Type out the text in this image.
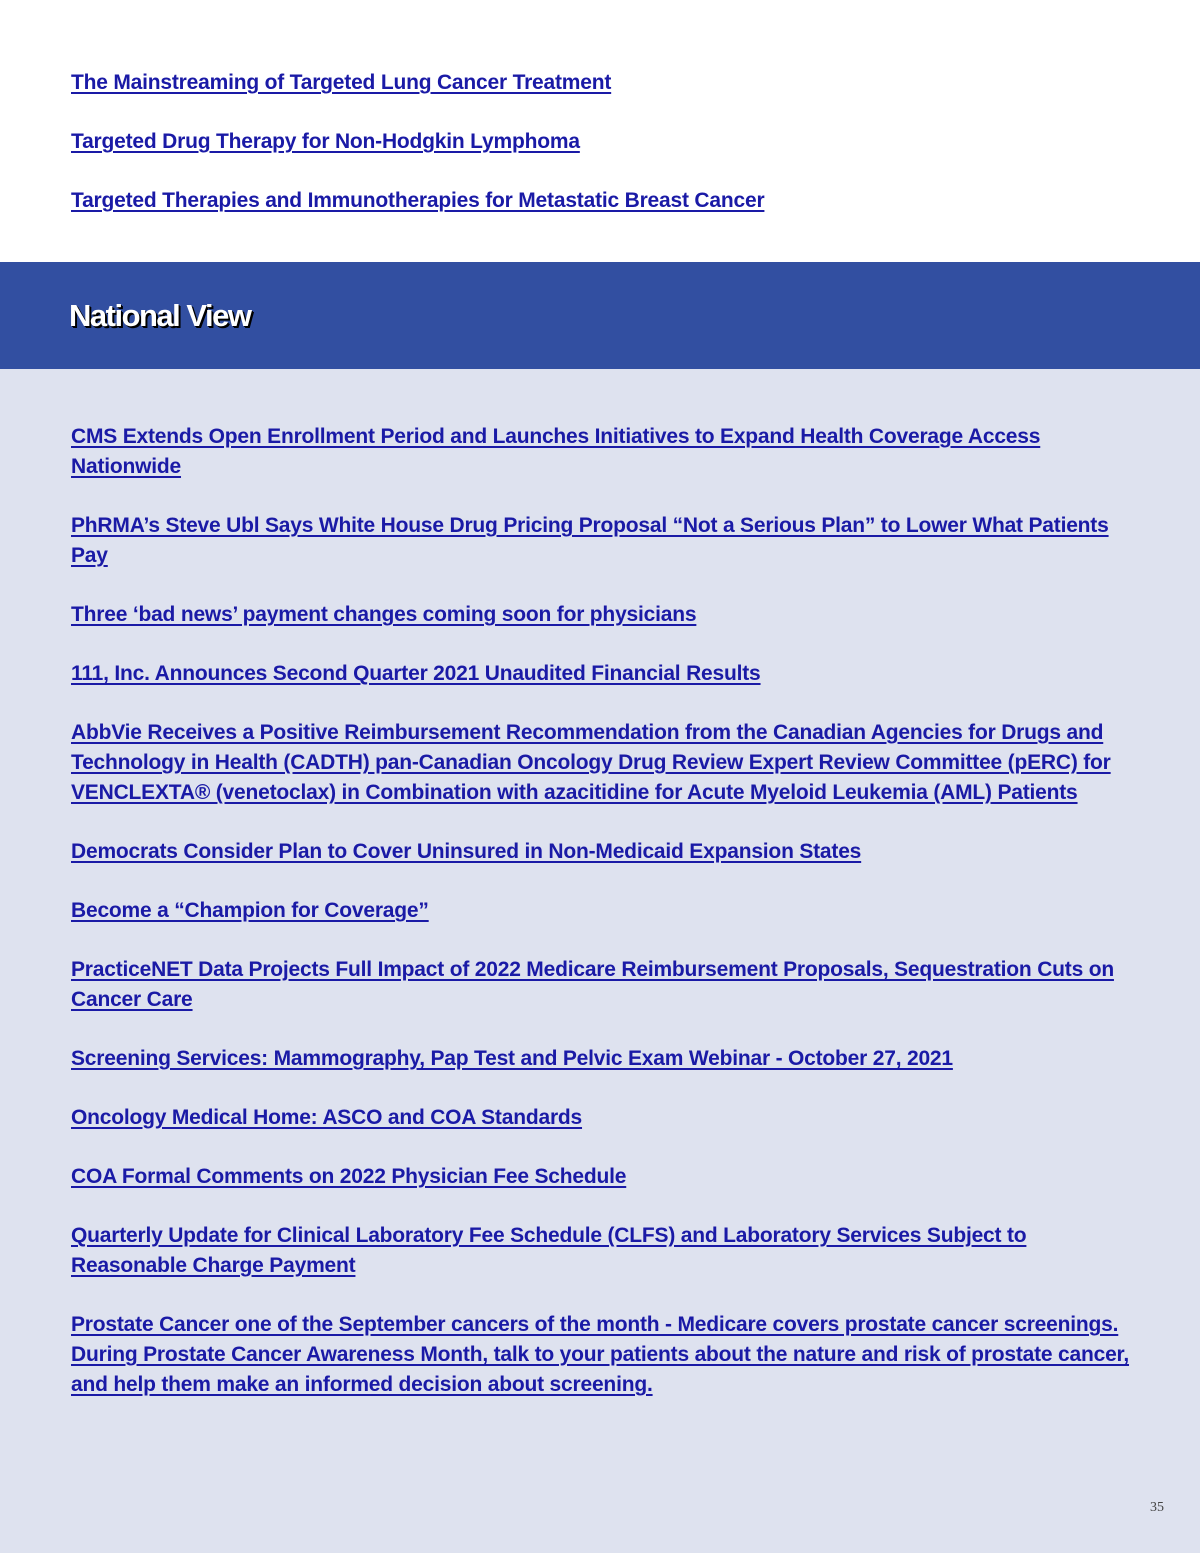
The Mainstreaming of Targeted Lung Cancer Treatment
Targeted Drug Therapy for Non-Hodgkin Lymphoma
Targeted Therapies and Immunotherapies for Metastatic Breast Cancer
National View
CMS Extends Open Enrollment Period and Launches Initiatives to Expand Health Coverage Access Nationwide
PhRMA’s Steve Ubl Says White House Drug Pricing Proposal “Not a Serious Plan” to Lower What Patients Pay
Three ‘bad news’ payment changes coming soon for physicians
111, Inc. Announces Second Quarter 2021 Unaudited Financial Results
AbbVie Receives a Positive Reimbursement Recommendation from the Canadian Agencies for Drugs and Technology in Health (CADTH) pan-Canadian Oncology Drug Review Expert Review Committee (pERC) for VENCLEXTA® (venetoclax) in Combination with azacitidine for Acute Myeloid Leukemia (AML) Patients
Democrats Consider Plan to Cover Uninsured in Non-Medicaid Expansion States
Become a “Champion for Coverage”
PracticeNET Data Projects Full Impact of 2022 Medicare Reimbursement Proposals, Sequestration Cuts on Cancer Care
Screening Services: Mammography, Pap Test and Pelvic Exam Webinar - October 27, 2021
Oncology Medical Home: ASCO and COA Standards
COA Formal Comments on 2022 Physician Fee Schedule
Quarterly Update for Clinical Laboratory Fee Schedule (CLFS) and Laboratory Services Subject to Reasonable Charge Payment
Prostate Cancer one of the September cancers of the month - Medicare covers prostate cancer screenings. During Prostate Cancer Awareness Month, talk to your patients about the nature and risk of prostate cancer, and help them make an informed decision about screening.
35
